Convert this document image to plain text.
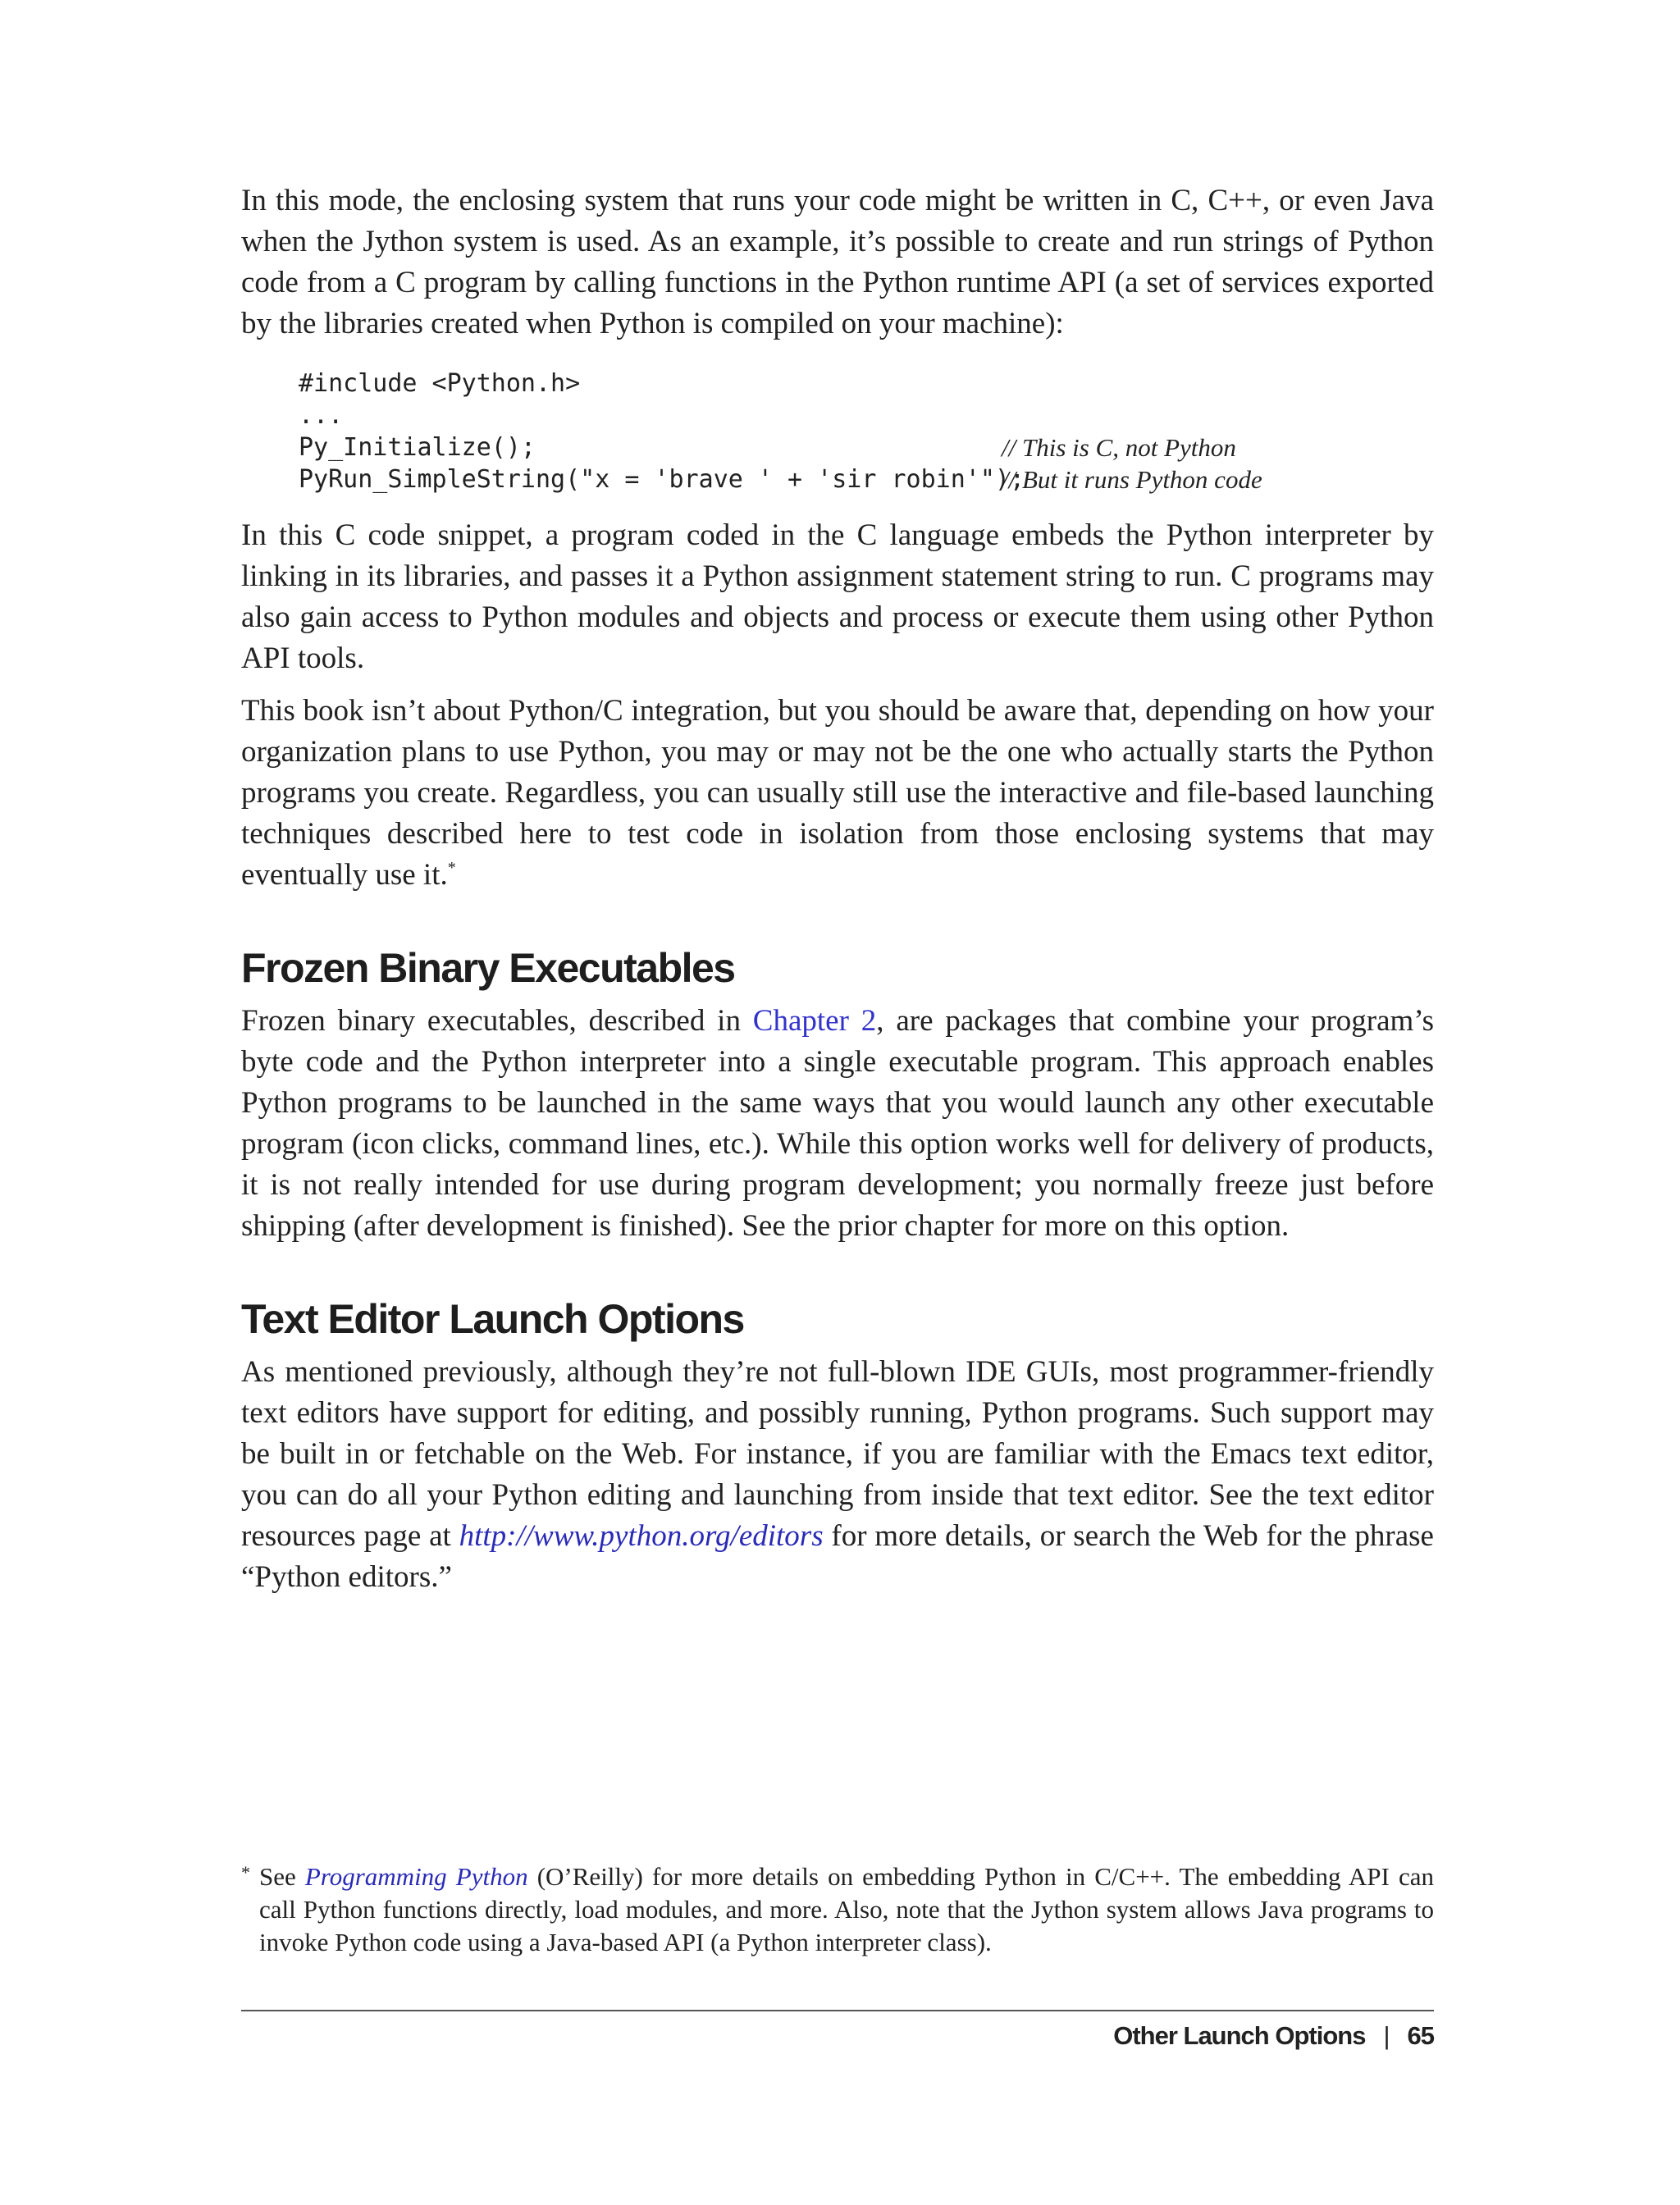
In this mode, the enclosing system that runs your code might be written in C, C++, or even Java when the Jython system is used. As an example, it’s possible to create and run strings of Python code from a C program by calling functions in the Python runtime API (a set of services exported by the libraries created when Python is compiled on your machine):

#include <Python.h>
...
Py_Initialize();	// This is C, not Python
PyRun_SimpleString("x = 'brave ' + 'sir robin'");
// But it runs Python code

In this C code snippet, a program coded in the C language embeds the Python interpreter by linking in its libraries, and passes it a Python assignment statement string to run. C programs may also gain access to Python modules and objects and process or execute them using other Python API tools.

This book isn’t about Python/C integration, but you should be aware that, depending on how your organization plans to use Python, you may or may not be the one who actually starts the Python programs you create. Regardless, you can usually still use the interactive and file-based launching techniques described here to test code in isolation from those enclosing systems that may eventually use it.*

Frozen Binary Executables

Frozen binary executables, described in Chapter 2, are packages that combine your program’s byte code and the Python interpreter into a single executable program. This approach enables Python programs to be launched in the same ways that you would launch any other executable program (icon clicks, command lines, etc.). While this option works well for delivery of products, it is not really intended for use during program development; you normally freeze just before shipping (after development is finished). See the prior chapter for more on this option.

Text Editor Launch Options

As mentioned previously, although they’re not full-blown IDE GUIs, most programmer-friendly text editors have support for editing, and possibly running, Python programs. Such support may be built in or fetchable on the Web. For instance, if you are familiar with the Emacs text editor, you can do all your Python editing and launching from inside that text editor. See the text editor resources page at http://www.python.org/editors for more details, or search the Web for the phrase “Python editors.”

* See Programming Python (O’Reilly) for more details on embedding Python in C/C++. The embedding API can call Python functions directly, load modules, and more. Also, note that the Jython system allows Java programs to invoke Python code using a Java-based API (a Python interpreter class).
Other Launch Options | 65
